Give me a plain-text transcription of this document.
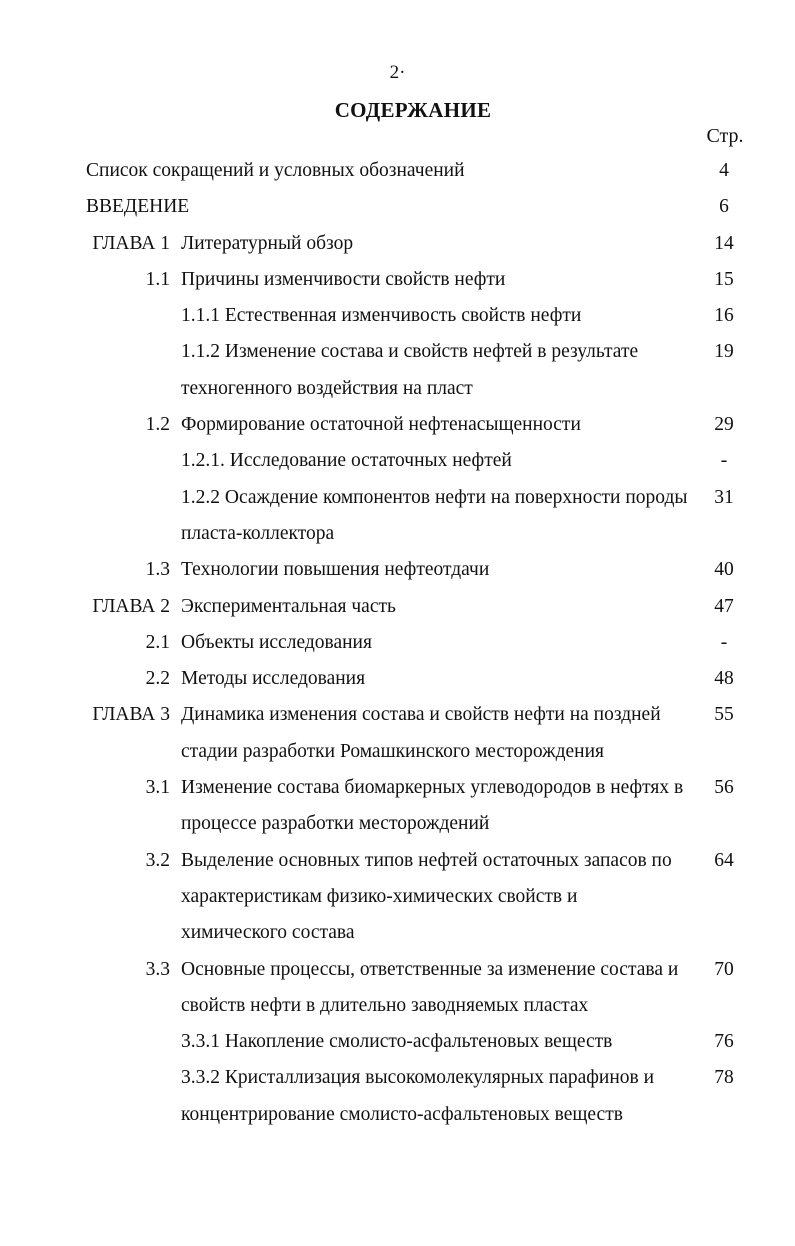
2·
СОДЕРЖАНИЕ
Стр.
Список сокращений и условных обозначений	4
ВВЕДЕНИЕ	6
ГЛАВА 1 Литературный обзор	14
1.1 Причины изменчивости свойств нефти	15
1.1.1 Естественная изменчивость свойств нефти	16
1.1.2 Изменение состава и свойств нефтей в результате	19
техногенного воздействия на пласт
1.2 Формирование остаточной нефтенасыщенности	29
1.2.1. Исследование остаточных нефтей	-
1.2.2 Осаждение компонентов нефти на поверхности породы	31
пласта-коллектора
1.3 Технологии повышения нефтеотдачи	40
ГЛАВА 2 Экспериментальная часть	47
2.1 Объекты исследования	-
2.2 Методы исследования	48
ГЛАВА 3 Динамика изменения состава и свойств нефти на поздней	55
стадии разработки Ромашкинского месторождения
3.1 Изменение состава биомаркерных углеводородов в нефтях в	56
процессе разработки месторождений
3.2 Выделение основных типов нефтей остаточных запасов по	64
характеристикам физико-химических свойств и
химического состава
3.3 Основные процессы, ответственные за изменение состава и	70
свойств нефти в длительно заводняемых пластах
3.3.1 Накопление смолисто-асфальтеновых веществ	76
3.3.2 Кристаллизация высокомолекулярных парафинов и	78
концентрирование смолисто-асфальтеновых веществ
